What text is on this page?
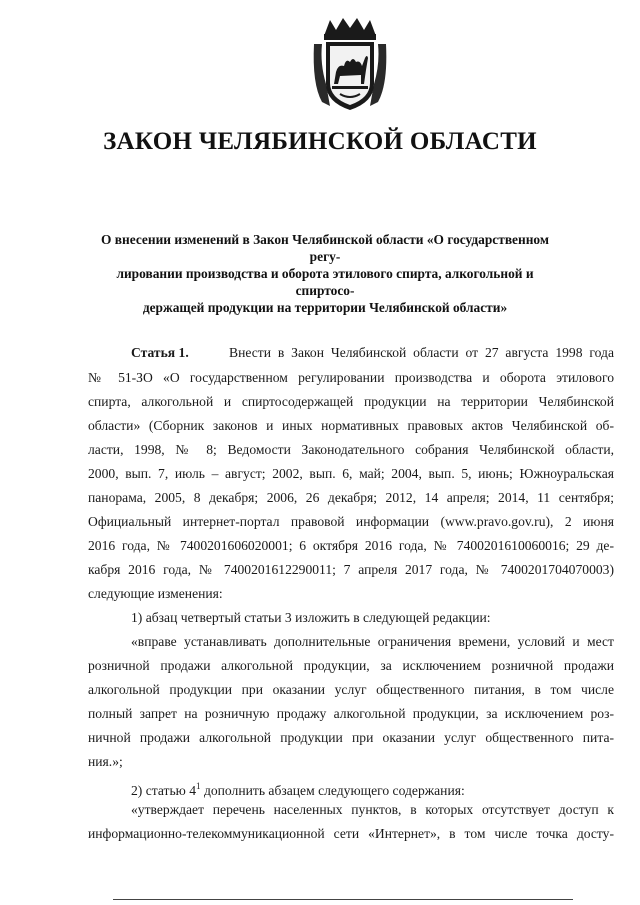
ЗАКОН ЧЕЛЯБИНСКОЙ ОБЛАСТИ
О внесении изменений в Закон Челябинской области «О государственном регу-
лировании производства и оборота этилового спирта, алкогольной и спиртосо-
держащей продукции на территории Челябинской области»
Статья 1.	Внести в Закон Челябинской области от 27 августа 1998 года
№ 51-ЗО «О государственном регулировании производства и оборота этилового
спирта, алкогольной и спиртосодержащей продукции на территории Челябинской
области» (Сборник законов и иных нормативных правовых актов Челябинской об-
ласти, 1998, № 8; Ведомости Законодательного собрания Челябинской области,
2000, вып. 7, июль – август; 2002, вып. 6, май; 2004, вып. 5, июнь; Южноуральская
панорама, 2005, 8 декабря; 2006, 26 декабря; 2012, 14 апреля; 2014, 11 сентября;
Официальный интернет-портал правовой информации (www.pravo.gov.ru), 2 июня
2016 года, № 7400201606020001; 6 октября 2016 года, № 7400201610060016; 29 де-
кабря 2016 года, № 7400201612290011; 7 апреля 2017 года, № 7400201704070003)
следующие изменения:
1) абзац четвертый статьи 3 изложить в следующей редакции:
«вправе устанавливать дополнительные ограничения времени, условий и мест
розничной продажи алкогольной продукции, за исключением розничной продажи
алкогольной продукции при оказании услуг общественного питания, в том числе
полный запрет на розничную продажу алкогольной продукции, за исключением роз-
ничной продажи алкогольной продукции при оказании услуг общественного пита-
ния.»;
2) статью $4^1$ дополнить абзацем следующего содержания:
«утверждает перечень населенных пунктов, в которых отсутствует доступ к
информационно-телекоммуникационной сети «Интернет», в том числе точка досту-
